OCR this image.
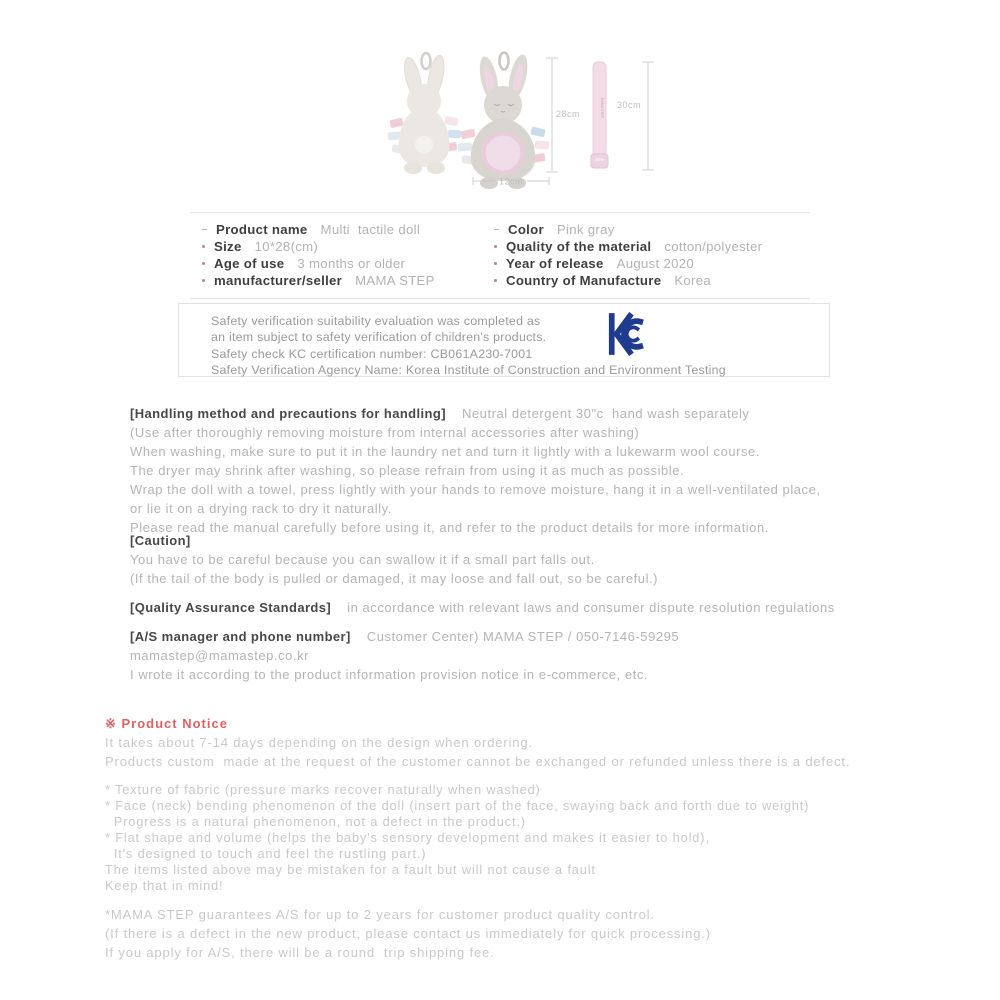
MAMA STEP
28cm
12cm
30cm
Product name Multi  tactile doll
Size 10*28(cm)
Age of use 3 months or older
manufacturer/seller MAMA STEP
Color Pink gray
Quality of the material cotton/polyester
Year of release August 2020
Country of Manufacture Korea
Safety verification suitability evaluation was completed as
an item subject to safety verification of children's products.
Safety check KC certification number: CB061A230-7001
Safety Verification Agency Name: Korea Institute of Construction and Environment Testing
[Handling method and precautions for handling] Neutral detergent 30"c  hand wash separately
(Use after thoroughly removing moisture from internal accessories after washing)
When washing, make sure to put it in the laundry net and turn it lightly with a lukewarm wool course.
The dryer may shrink after washing, so please refrain from using it as much as possible.
Wrap the doll with a towel, press lightly with your hands to remove moisture, hang it in a well-ventilated place,
or lie it on a drying rack to dry it naturally.
Please read the manual carefully before using it, and refer to the product details for more information.
[Caution]
You have to be careful because you can swallow it if a small part falls out.
(If the tail of the body is pulled or damaged, it may loose and fall out, so be careful.)
[Quality Assurance Standards] in accordance with relevant laws and consumer dispute resolution regulations
[A/S manager and phone number] Customer Center) MAMA STEP / 050-7146-59295
mamastep@mamastep.co.kr
I wrote it according to the product information provision notice in e-commerce, etc.
※ Product Notice
It takes about 7-14 days depending on the design when ordering.
Products custom  made at the request of the customer cannot be exchanged or refunded unless there is a defect.
* Texture of fabric (pressure marks recover naturally when washed)
* Face (neck) bending phenomenon of the doll (insert part of the face, swaying back and forth due to weight)
Progress is a natural phenomenon, not a defect in the product.)
* Flat shape and volume (helps the baby's sensory development and makes it easier to hold),
It's designed to touch and feel the rustling part.)
The items listed above may be mistaken for a fault but will not cause a fault
Keep that in mind!
*MAMA STEP guarantees A/S for up to 2 years for customer product quality control.
(If there is a defect in the new product, please contact us immediately for quick processing.)
If you apply for A/S, there will be a round  trip shipping fee.
